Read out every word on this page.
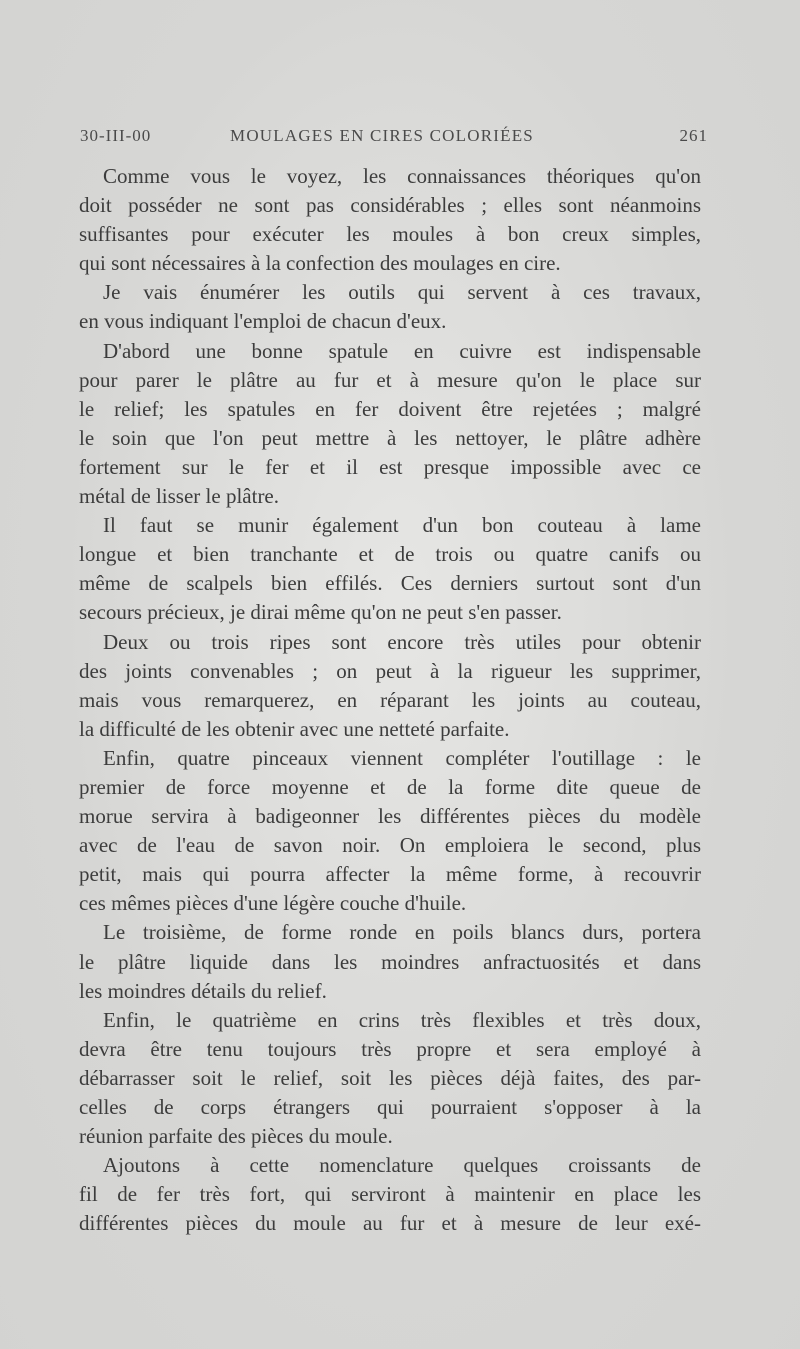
30-III-00	MOULAGES EN CIRES COLORIÉES	261
Comme vous le voyez, les connaissances théoriques qu'on
doit posséder ne sont pas considérables ; elles sont néanmoins
suffisantes pour exécuter les moules à bon creux simples,
qui sont nécessaires à la confection des moulages en cire.
Je vais énumérer les outils qui servent à ces travaux,
en vous indiquant l'emploi de chacun d'eux.
D'abord une bonne spatule en cuivre est indispensable
pour parer le plâtre au fur et à mesure qu'on le place sur
le relief; les spatules en fer doivent être rejetées ; malgré
le soin que l'on peut mettre à les nettoyer, le plâtre adhère
fortement sur le fer et il est presque impossible avec ce
métal de lisser le plâtre.
Il faut se munir également d'un bon couteau à lame
longue et bien tranchante et de trois ou quatre canifs ou
même de scalpels bien effilés. Ces derniers surtout sont d'un
secours précieux, je dirai même qu'on ne peut s'en passer.
Deux ou trois ripes sont encore très utiles pour obtenir
des joints convenables ; on peut à la rigueur les supprimer,
mais vous remarquerez, en réparant les joints au couteau,
la difficulté de les obtenir avec une netteté parfaite.
Enfin, quatre pinceaux viennent compléter l'outillage : le
premier de force moyenne et de la forme dite queue de
morue servira à badigeonner les différentes pièces du modèle
avec de l'eau de savon noir. On emploiera le second, plus
petit, mais qui pourra affecter la même forme, à recouvrir
ces mêmes pièces d'une légère couche d'huile.
Le troisième, de forme ronde en poils blancs durs, portera
le plâtre liquide dans les moindres anfractuosités et dans
les moindres détails du relief.
Enfin, le quatrième en crins très flexibles et très doux,
devra être tenu toujours très propre et sera employé à
débarrasser soit le relief, soit les pièces déjà faites, des par-
celles de corps étrangers qui pourraient s'opposer à la
réunion parfaite des pièces du moule.
Ajoutons à cette nomenclature quelques croissants de
fil de fer très fort, qui serviront à maintenir en place les
différentes pièces du moule au fur et à mesure de leur exé-
